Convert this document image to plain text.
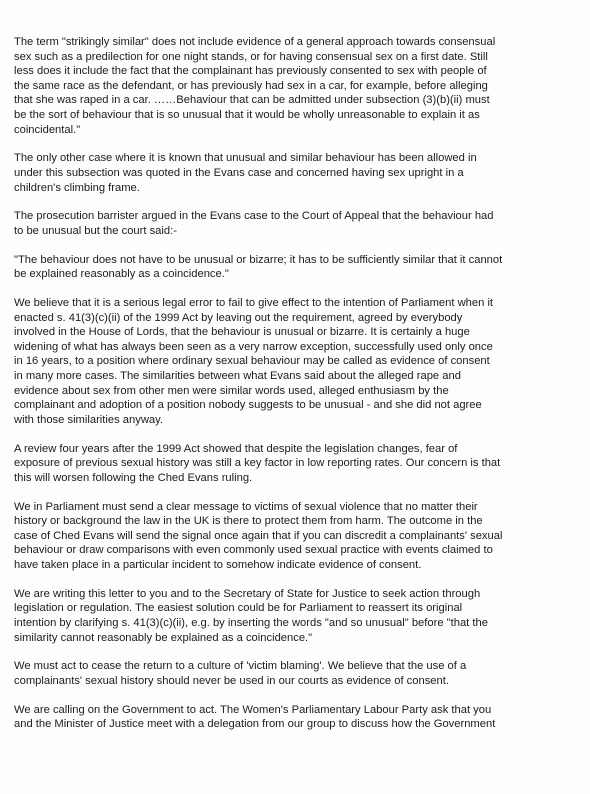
The term "strikingly similar" does not include evidence of a general approach towards consensual
sex such as a predilection for one night stands, or for having consensual sex on a first date. Still
less does it include the fact that the complainant has previously consented to sex with people of
the same race as the defendant, or has previously had sex in a car, for example, before alleging
that she was raped in a car. ……Behaviour that can be admitted under subsection (3)(b)(ii) must
be the sort of behaviour that is so unusual that it would be wholly unreasonable to explain it as
coincidental."

The only other case where it is known that unusual and similar behaviour has been allowed in
under this subsection was quoted in the Evans case and concerned having sex upright in a
children's climbing frame.

The prosecution barrister argued in the Evans case to the Court of Appeal that the behaviour had
to be unusual but the court said:-

"The behaviour does not have to be unusual or bizarre; it has to be sufficiently similar that it cannot
be explained reasonably as a coincidence."

We believe that it is a serious legal error to fail to give effect to the intention of Parliament when it
enacted s. 41(3)(c)(ii) of the 1999 Act by leaving out the requirement, agreed by everybody
involved in the House of Lords, that the behaviour is unusual or bizarre. It is certainly a huge
widening of what has always been seen as a very narrow exception, successfully used only once
in 16 years, to a position where ordinary sexual behaviour may be called as evidence of consent
in many more cases. The similarities between what Evans said about the alleged rape and
evidence about sex from other men were similar words used, alleged enthusiasm by the
complainant and adoption of a position nobody suggests to be unusual - and she did not agree
with those similarities anyway.

A review four years after the 1999 Act showed that despite the legislation changes, fear of
exposure of previous sexual history was still a key factor in low reporting rates. Our concern is that
this will worsen following the Ched Evans ruling.

We in Parliament must send a clear message to victims of sexual violence that no matter their
history or background the law in the UK is there to protect them from harm. The outcome in the
case of Ched Evans will send the signal once again that if you can discredit a complainants' sexual
behaviour or draw comparisons with even commonly used sexual practice with events claimed to
have taken place in a particular incident to somehow indicate evidence of consent.

We are writing this letter to you and to the Secretary of State for Justice to seek action through
legislation or regulation. The easiest solution could be for Parliament to reassert its original
intention by clarifying s. 41(3)(c)(ii), e.g. by inserting the words "and so unusual" before "that the
similarity cannot reasonably be explained as a coincidence."

We must act to cease the return to a culture of 'victim blaming'. We believe that the use of a
complainants' sexual history should never be used in our courts as evidence of consent.

We are calling on the Government to act. The Women's Parliamentary Labour Party ask that you
and the Minister of Justice meet with a delegation from our group to discuss how the Government
